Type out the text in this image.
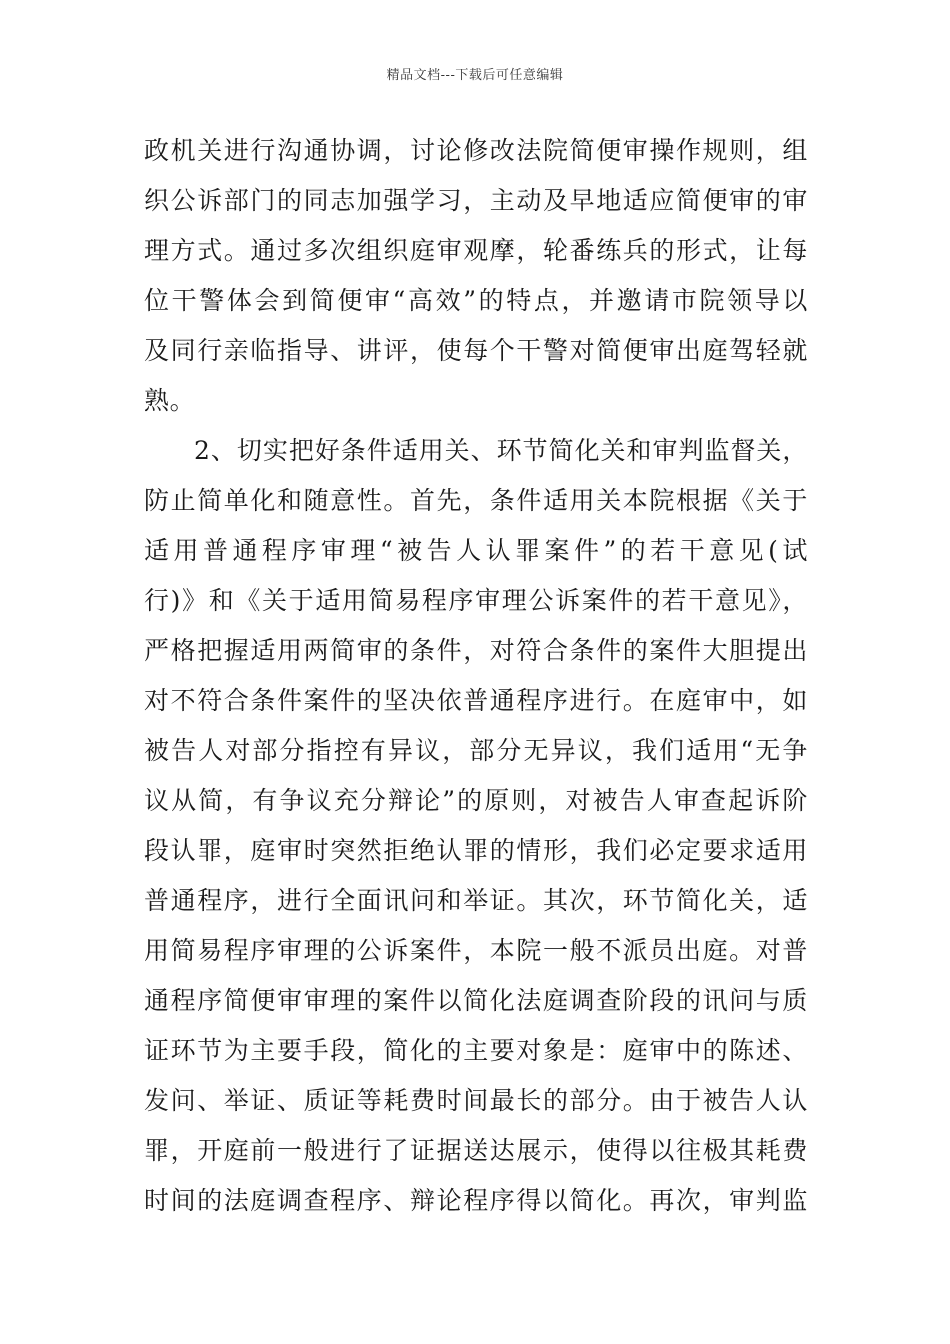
精品文档---下载后可任意编辑
政机关进行沟通协调，讨论修改法院简便审操作规则，组
织公诉部门的同志加强学习，主动及早地适应简便审的审
理方式。通过多次组织庭审观摩，轮番练兵的形式，让每
位干警体会到简便审“高效”的特点，并邀请市院领导以
及同行亲临指导、讲评，使每个干警对简便审出庭驾轻就
熟。
2、切实把好条件适用关、环节简化关和审判监督关，
防止简单化和随意性。首先，条件适用关本院根据《关于
适用普通程序审理“被告人认罪案件”的若干意见(试
行)》和《关于适用简易程序审理公诉案件的若干意见》，
严格把握适用两简审的条件，对符合条件的案件大胆提出
对不符合条件案件的坚决依普通程序进行。在庭审中，如
被告人对部分指控有异议，部分无异议，我们适用“无争
议从简，有争议充分辩论”的原则，对被告人审查起诉阶
段认罪，庭审时突然拒绝认罪的情形，我们必定要求适用
普通程序，进行全面讯问和举证。其次，环节简化关，适
用简易程序审理的公诉案件，本院一般不派员出庭。对普
通程序简便审审理的案件以简化法庭调查阶段的讯问与质
证环节为主要手段，简化的主要对象是：庭审中的陈述、
发问、举证、质证等耗费时间最长的部分。由于被告人认
罪，开庭前一般进行了证据送达展示，使得以往极其耗费
时间的法庭调查程序、辩论程序得以简化。再次，审判监
